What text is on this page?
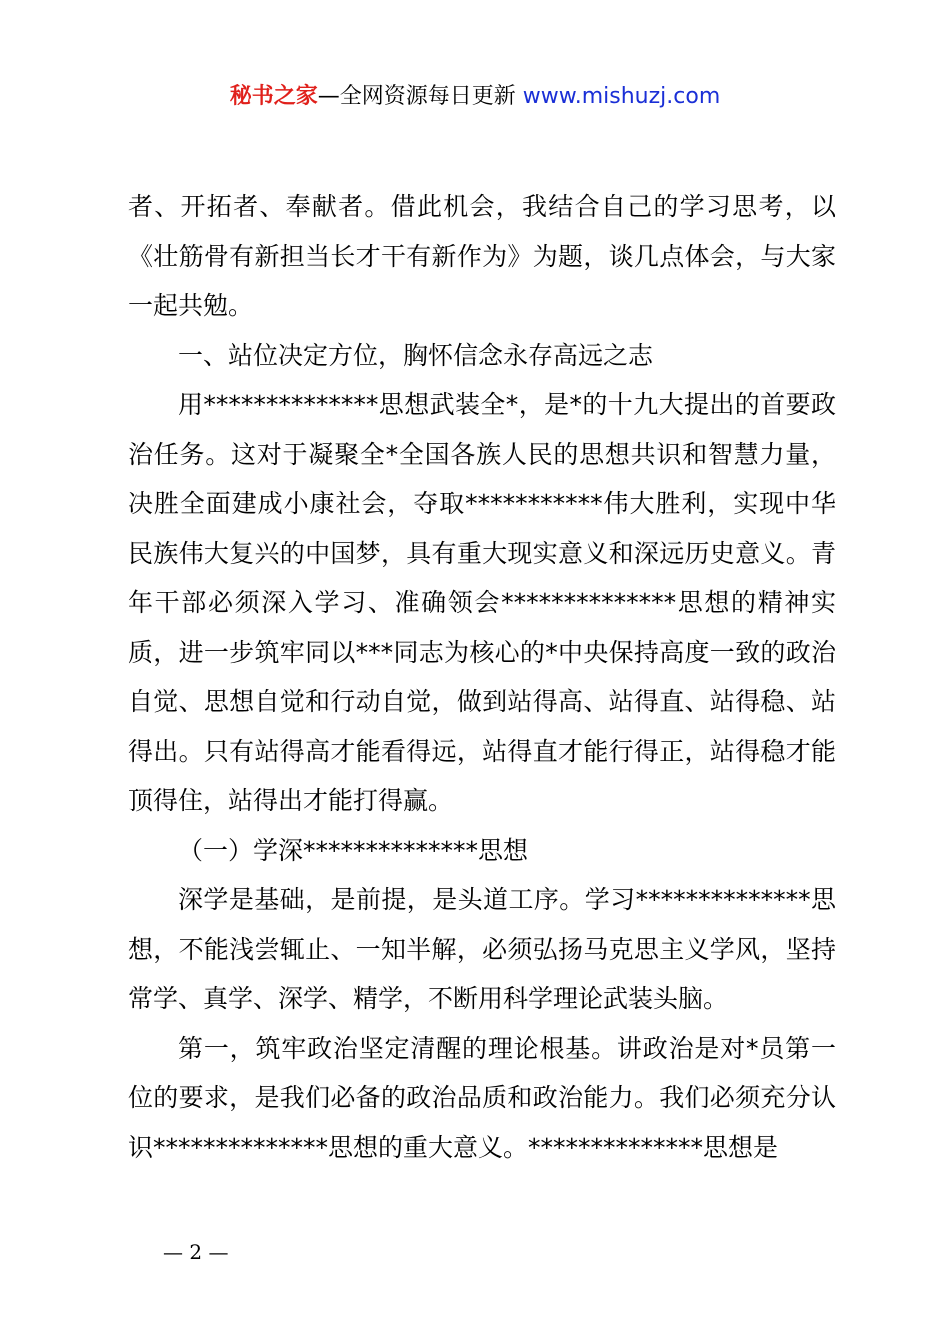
秘书之家—全网资源每日更新 www.mishuzj.com

者、开拓者、奉献者。借此机会，我结合自己的学习思考，以《壮筋骨有新担当长才干有新作为》为题，谈几点体会，与大家一起共勉。

一、站位决定方位，胸怀信念永存高远之志

用**************思想武装全*，是*的十九大提出的首要政治任务。这对于凝聚全*全国各族人民的思想共识和智慧力量，决胜全面建成小康社会，夺取***********伟大胜利，实现中华民族伟大复兴的中国梦，具有重大现实意义和深远历史意义。青年干部必须深入学习、准确领会**************思想的精神实质，进一步筑牢同以***同志为核心的*中央保持高度一致的政治自觉、思想自觉和行动自觉，做到站得高、站得直、站得稳、站得出。只有站得高才能看得远，站得直才能行得正，站得稳才能顶得住，站得出才能打得赢。

（一）学深**************思想

深学是基础，是前提，是头道工序。学习**************思想，不能浅尝辄止、一知半解，必须弘扬马克思主义学风，坚持常学、真学、深学、精学，不断用科学理论武装头脑。

第一，筑牢政治坚定清醒的理论根基。讲政治是对*员第一位的要求，是我们必备的政治品质和政治能力。我们必须充分认识**************思想的重大意义。**************思想是

— 2 —
